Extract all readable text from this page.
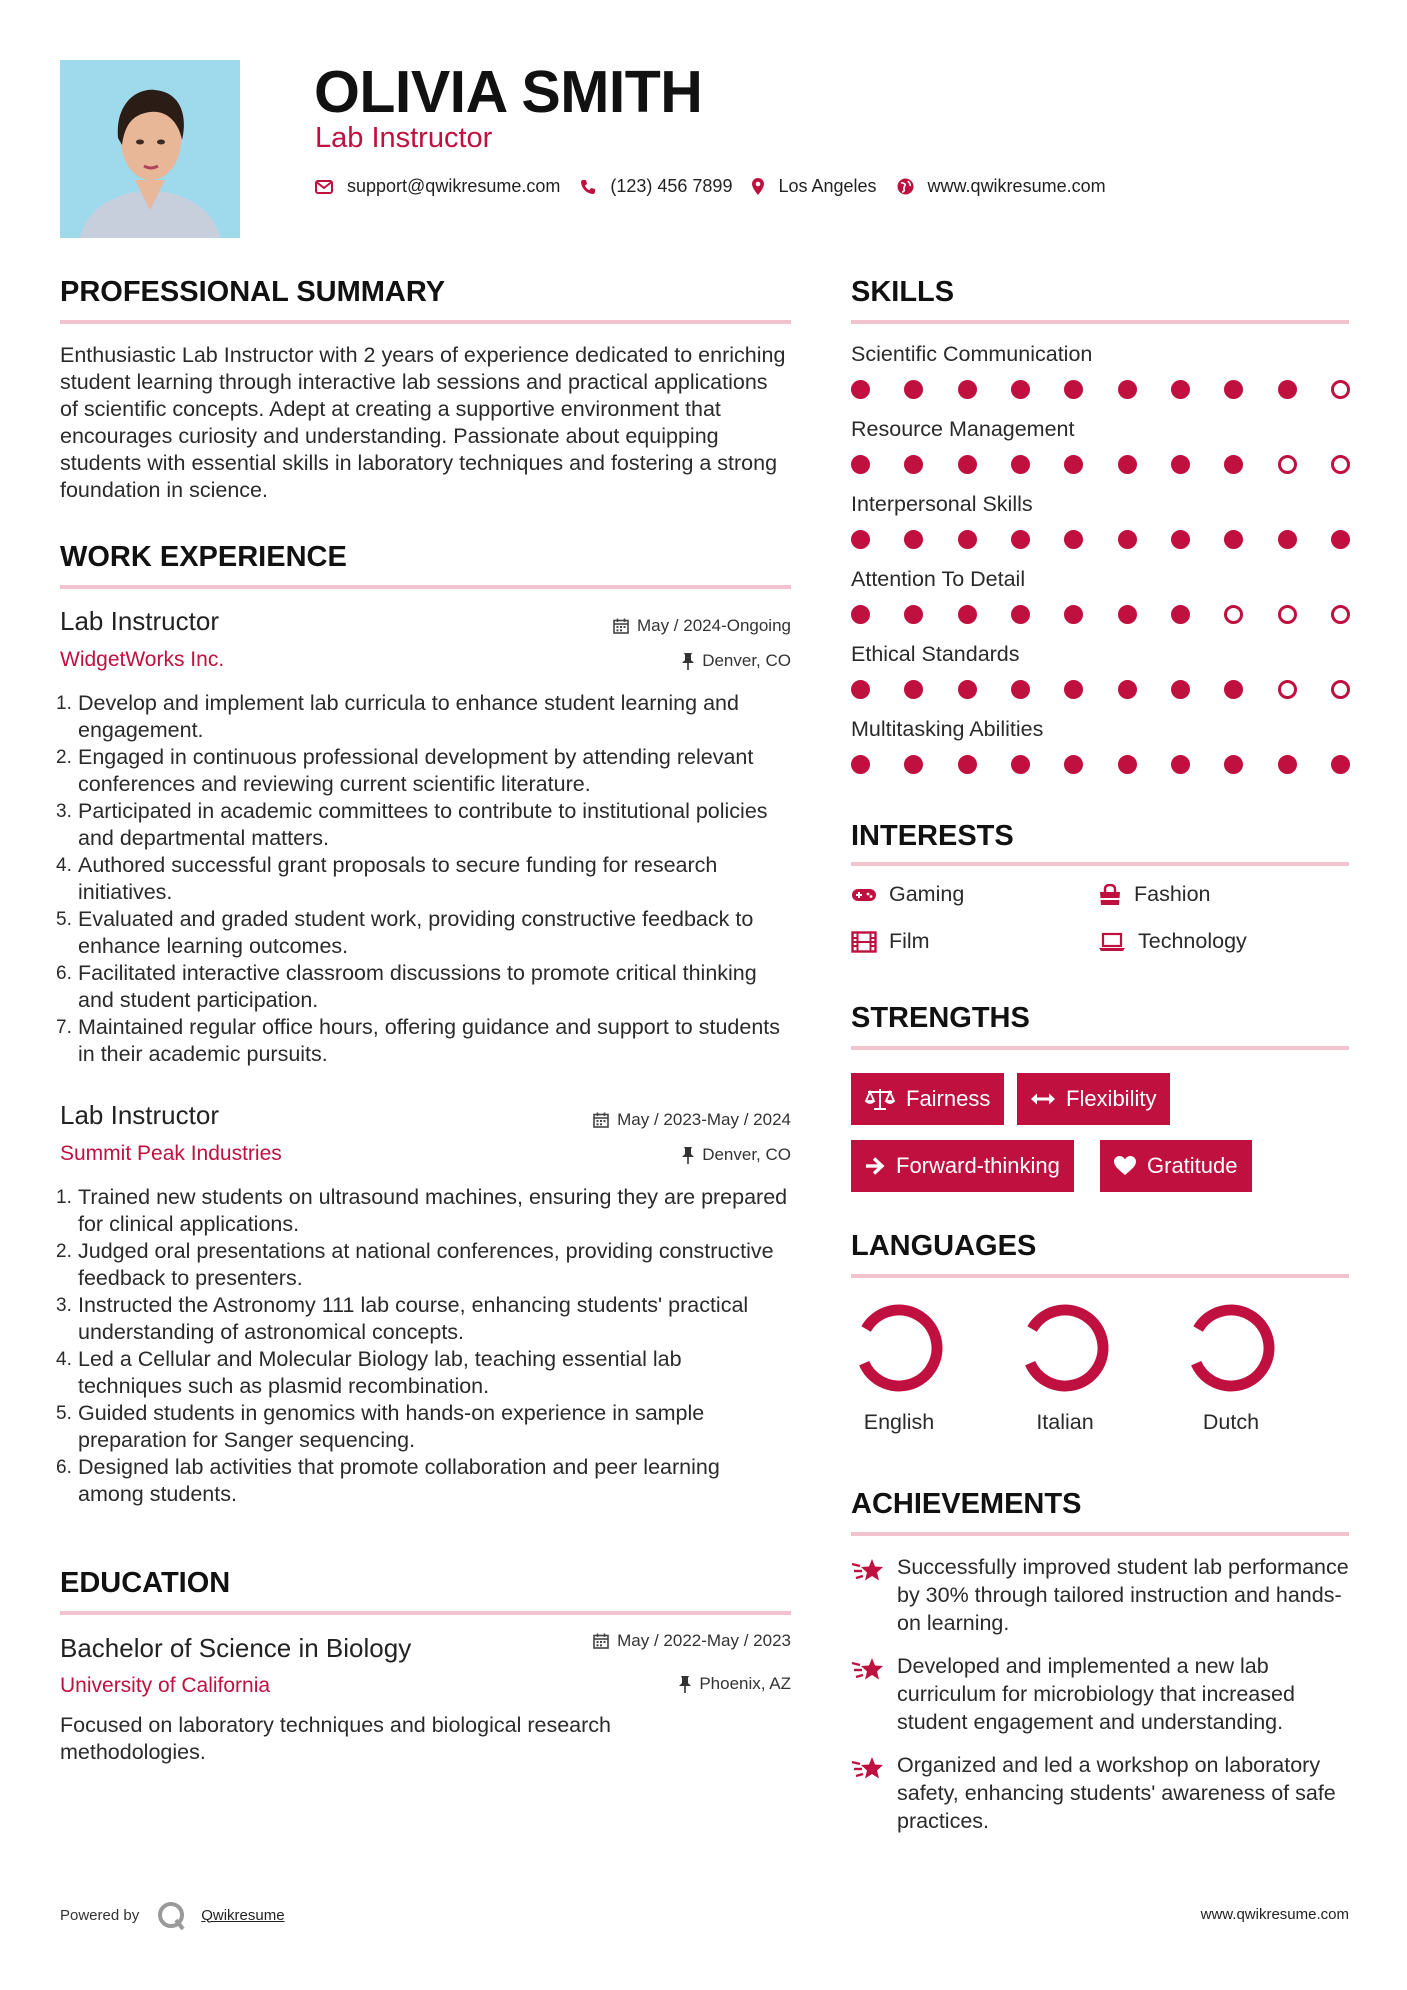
OLIVIA SMITH
Lab Instructor
support@qwikresume.com	(123) 456 7899	Los Angeles	www.qwikresume.com
PROFESSIONAL SUMMARY
Enthusiastic Lab Instructor with 2 years of experience dedicated to enriching student learning through interactive lab sessions and practical applications of scientific concepts. Adept at creating a supportive environment that encourages curiosity and understanding. Passionate about equipping students with essential skills in laboratory techniques and fostering a strong foundation in science.
WORK EXPERIENCE
Lab Instructor	May / 2024-Ongoing
WidgetWorks Inc.	Denver, CO
Develop and implement lab curricula to enhance student learning and engagement.
Engaged in continuous professional development by attending relevant conferences and reviewing current scientific literature.
Participated in academic committees to contribute to institutional policies and departmental matters.
Authored successful grant proposals to secure funding for research initiatives.
Evaluated and graded student work, providing constructive feedback to enhance learning outcomes.
Facilitated interactive classroom discussions to promote critical thinking and student participation.
Maintained regular office hours, offering guidance and support to students in their academic pursuits.
Lab Instructor	May / 2023-May / 2024
Summit Peak Industries	Denver, CO
Trained new students on ultrasound machines, ensuring they are prepared for clinical applications.
Judged oral presentations at national conferences, providing constructive feedback to presenters.
Instructed the Astronomy 111 lab course, enhancing students' practical understanding of astronomical concepts.
Led a Cellular and Molecular Biology lab, teaching essential lab techniques such as plasmid recombination.
Guided students in genomics with hands-on experience in sample preparation for Sanger sequencing.
Designed lab activities that promote collaboration and peer learning among students.
EDUCATION
Bachelor of Science in Biology	May / 2022-May / 2023
University of California	Phoenix, AZ
Focused on laboratory techniques and biological research methodologies.
SKILLS
Scientific Communication
Resource Management
Interpersonal Skills
Attention To Detail
Ethical Standards
Multitasking Abilities
INTERESTS
Gaming	Fashion
Film	Technology
STRENGTHS
Fairness	Flexibility
Forward-thinking	Gratitude
LANGUAGES
English	Italian	Dutch
ACHIEVEMENTS
Successfully improved student lab performance by 30% through tailored instruction and hands-on learning.
Developed and implemented a new lab curriculum for microbiology that increased student engagement and understanding.
Organized and led a workshop on laboratory safety, enhancing students' awareness of safe practices.
Powered by	Qwikresume	www.qwikresume.com
